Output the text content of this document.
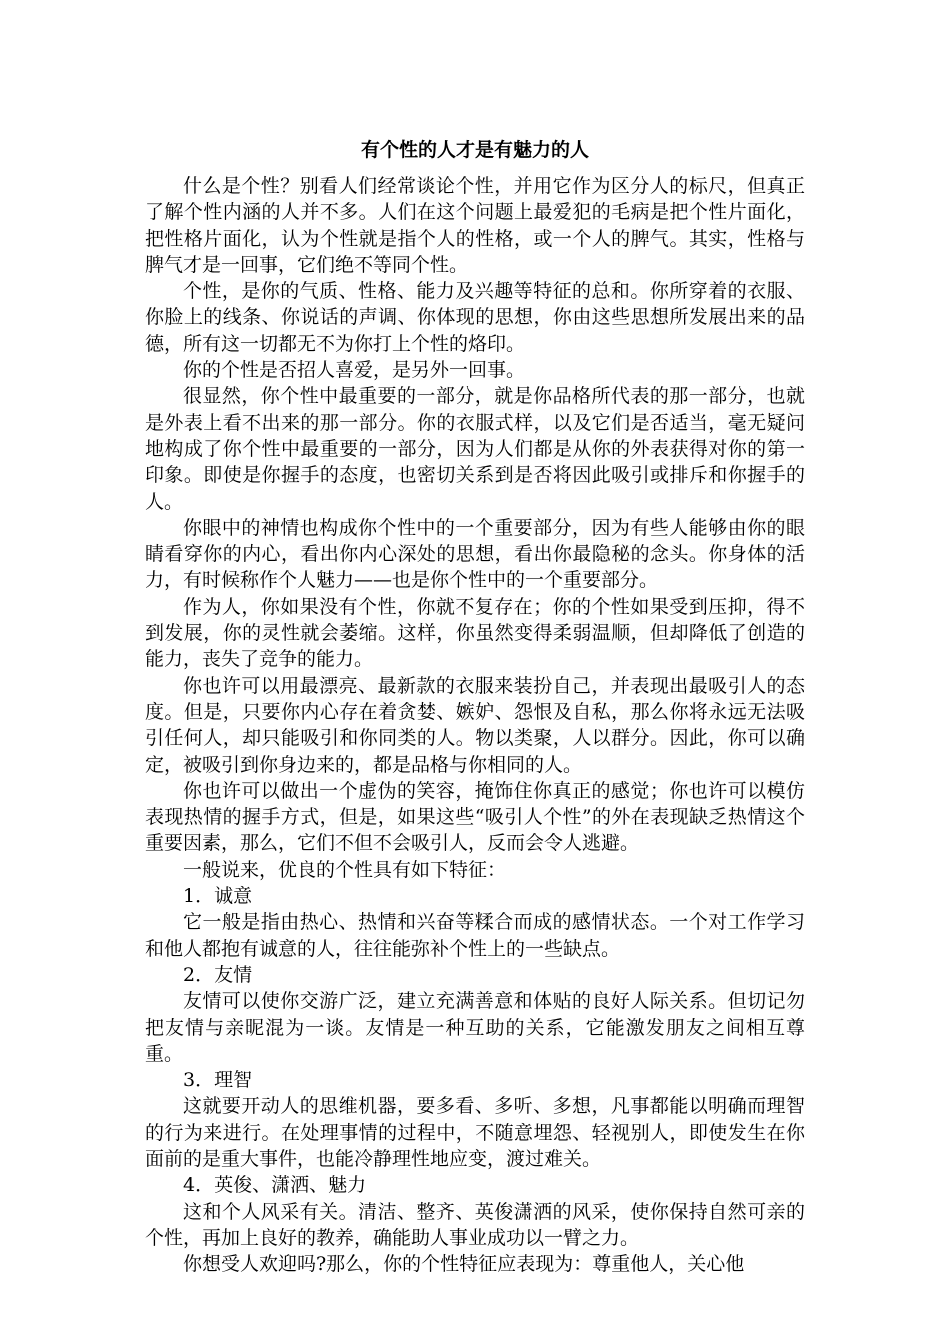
有个性的人才是有魅力的人

什么是个性？别看人们经常谈论个性，并用它作为区分人的标尺，但真正了解个性内涵的人并不多。人们在这个问题上最爱犯的毛病是把个性片面化，把性格片面化，认为个性就是指个人的性格，或一个人的脾气。其实，性格与脾气才是一回事，它们绝不等同个性。

个性，是你的气质、性格、能力及兴趣等特征的总和。你所穿着的衣服、你脸上的线条、你说话的声调、你体现的思想，你由这些思想所发展出来的品德，所有这一切都无不为你打上个性的烙印。

你的个性是否招人喜爱，是另外一回事。

很显然，你个性中最重要的一部分，就是你品格所代表的那一部分，也就是外表上看不出来的那一部分。你的衣服式样，以及它们是否适当，毫无疑问地构成了你个性中最重要的一部分，因为人们都是从你的外表获得对你的第一印象。即使是你握手的态度，也密切关系到是否将因此吸引或排斥和你握手的人。

你眼中的神情也构成你个性中的一个重要部分，因为有些人能够由你的眼睛看穿你的内心，看出你内心深处的思想，看出你最隐秘的念头。你身体的活力，有时候称作个人魅力——也是你个性中的一个重要部分。

作为人，你如果没有个性，你就不复存在；你的个性如果受到压抑，得不到发展，你的灵性就会萎缩。这样，你虽然变得柔弱温顺，但却降低了创造的能力，丧失了竞争的能力。

你也许可以用最漂亮、最新款的衣服来装扮自己，并表现出最吸引人的态度。但是，只要你内心存在着贪婪、嫉妒、怨恨及自私，那么你将永远无法吸引任何人，却只能吸引和你同类的人。物以类聚，人以群分。因此，你可以确定，被吸引到你身边来的，都是品格与你相同的人。

你也许可以做出一个虚伪的笑容，掩饰住你真正的感觉；你也许可以模仿表现热情的握手方式，但是，如果这些“吸引人个性”的外在表现缺乏热情这个重要因素，那么，它们不但不会吸引人，反而会令人逃避。

一般说来，优良的个性具有如下特征：

1．诚意

它一般是指由热心、热情和兴奋等糅合而成的感情状态。一个对工作学习和他人都抱有诚意的人，往往能弥补个性上的一些缺点。

2．友情

友情可以使你交游广泛，建立充满善意和体贴的良好人际关系。但切记勿把友情与亲昵混为一谈。友情是一种互助的关系，它能激发朋友之间相互尊重。

3．理智

这就要开动人的思维机器，要多看、多听、多想，凡事都能以明确而理智的行为来进行。在处理事情的过程中，不随意埋怨、轻视别人，即使发生在你面前的是重大事件，也能冷静理性地应变，渡过难关。

4．英俊、潇洒、魅力

这和个人风采有关。清洁、整齐、英俊潇洒的风采，使你保持自然可亲的个性，再加上良好的教养，确能助人事业成功以一臂之力。

你想受人欢迎吗?那么，你的个性特征应表现为：尊重他人，关心他
